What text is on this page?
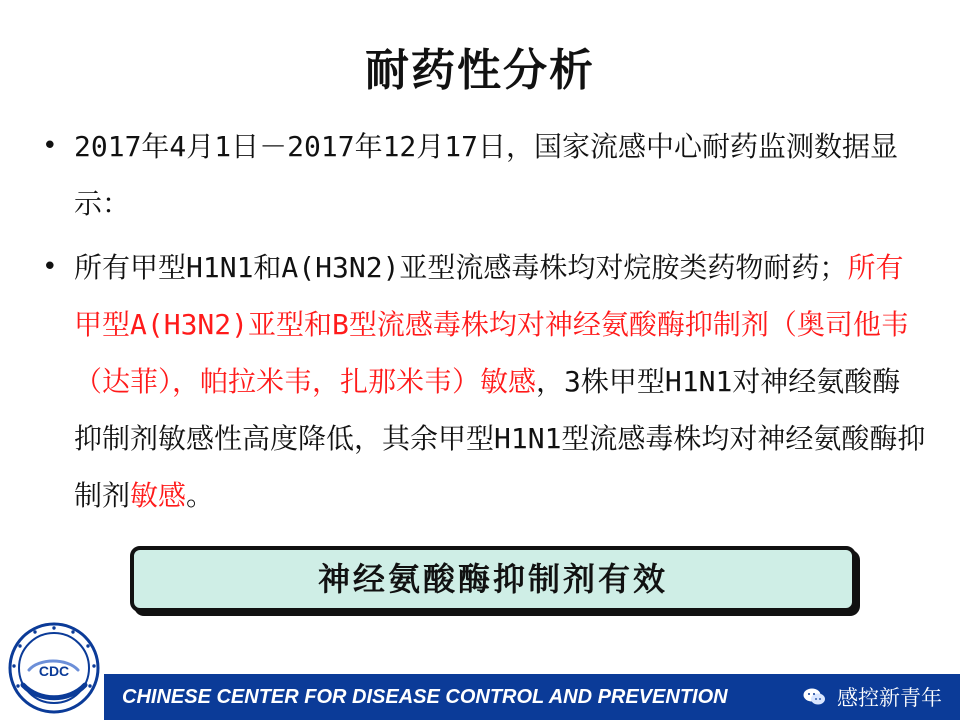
耐药性分析
• 2017年4月1日－2017年12月17日，国家流感中心耐药监测数据显示：
• 所有甲型H1N1和A(H3N2)亚型流感毒株均对烷胺类药物耐药；所有甲型A(H3N2)亚型和B型流感毒株均对神经氨酸酶抑制剂（奥司他韦（达菲），帕拉米韦，扎那米韦）敏感，3株甲型H1N1对神经氨酸酶抑制剂敏感性高度降低，其余甲型H1N1型流感毒株均对神经氨酸酶抑制剂敏感。
神经氨酸酶抑制剂有效
CDC
CHINESE CENTER FOR DISEASE CONTROL AND PREVENTION	感控新青年
